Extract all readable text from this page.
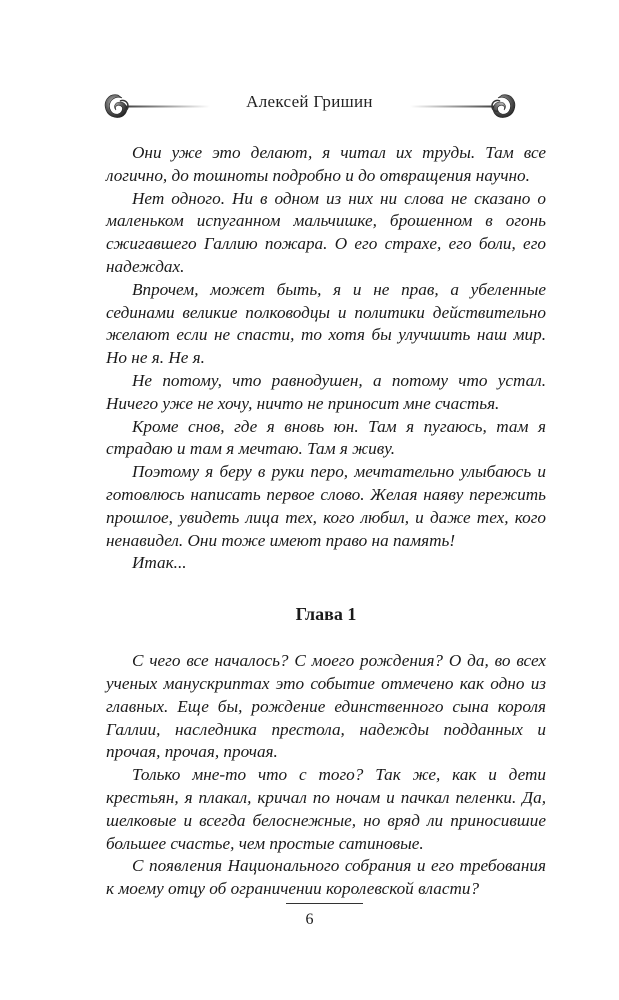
Алексей Гришин

Они уже это делают, я читал их труды. Там все логично, до тошноты подробно и до отвращения научно.

Нет одного. Ни в одном из них ни слова не сказано о маленьком испуганном мальчишке, брошенном в огонь сжигавшего Галлию пожара. О его страхе, его боли, его надеждах.

Впрочем, может быть, я и не прав, а убеленные сединами великие полководцы и политики действительно желают если не спасти, то хотя бы улучшить наш мир. Но не я. Не я.

Не потому, что равнодушен, а потому что устал. Ничего уже не хочу, ничто не приносит мне счастья.

Кроме снов, где я вновь юн. Там я пугаюсь, там я страдаю и там я мечтаю. Там я живу.

Поэтому я беру в руки перо, мечтательно улыбаюсь и готовлюсь написать первое слово. Желая наяву пережить прошлое, увидеть лица тех, кого любил, и даже тех, кого ненавидел. Они тоже имеют право на память!

Итак...

Глава 1

С чего все началось? С моего рождения? О да, во всех ученых манускриптах это событие отмечено как одно из главных. Еще бы, рождение единственного сына короля Галлии, наследника престола, надежды подданных и прочая, прочая, прочая.

Только мне-то что с того? Так же, как и дети крестьян, я плакал, кричал по ночам и пачкал пеленки. Да, шелковые и всегда белоснежные, но вряд ли приносившие большее счастье, чем простые сатиновые.

С появления Национального собрания и его требования к моему отцу об ограничении королевской власти?

6
